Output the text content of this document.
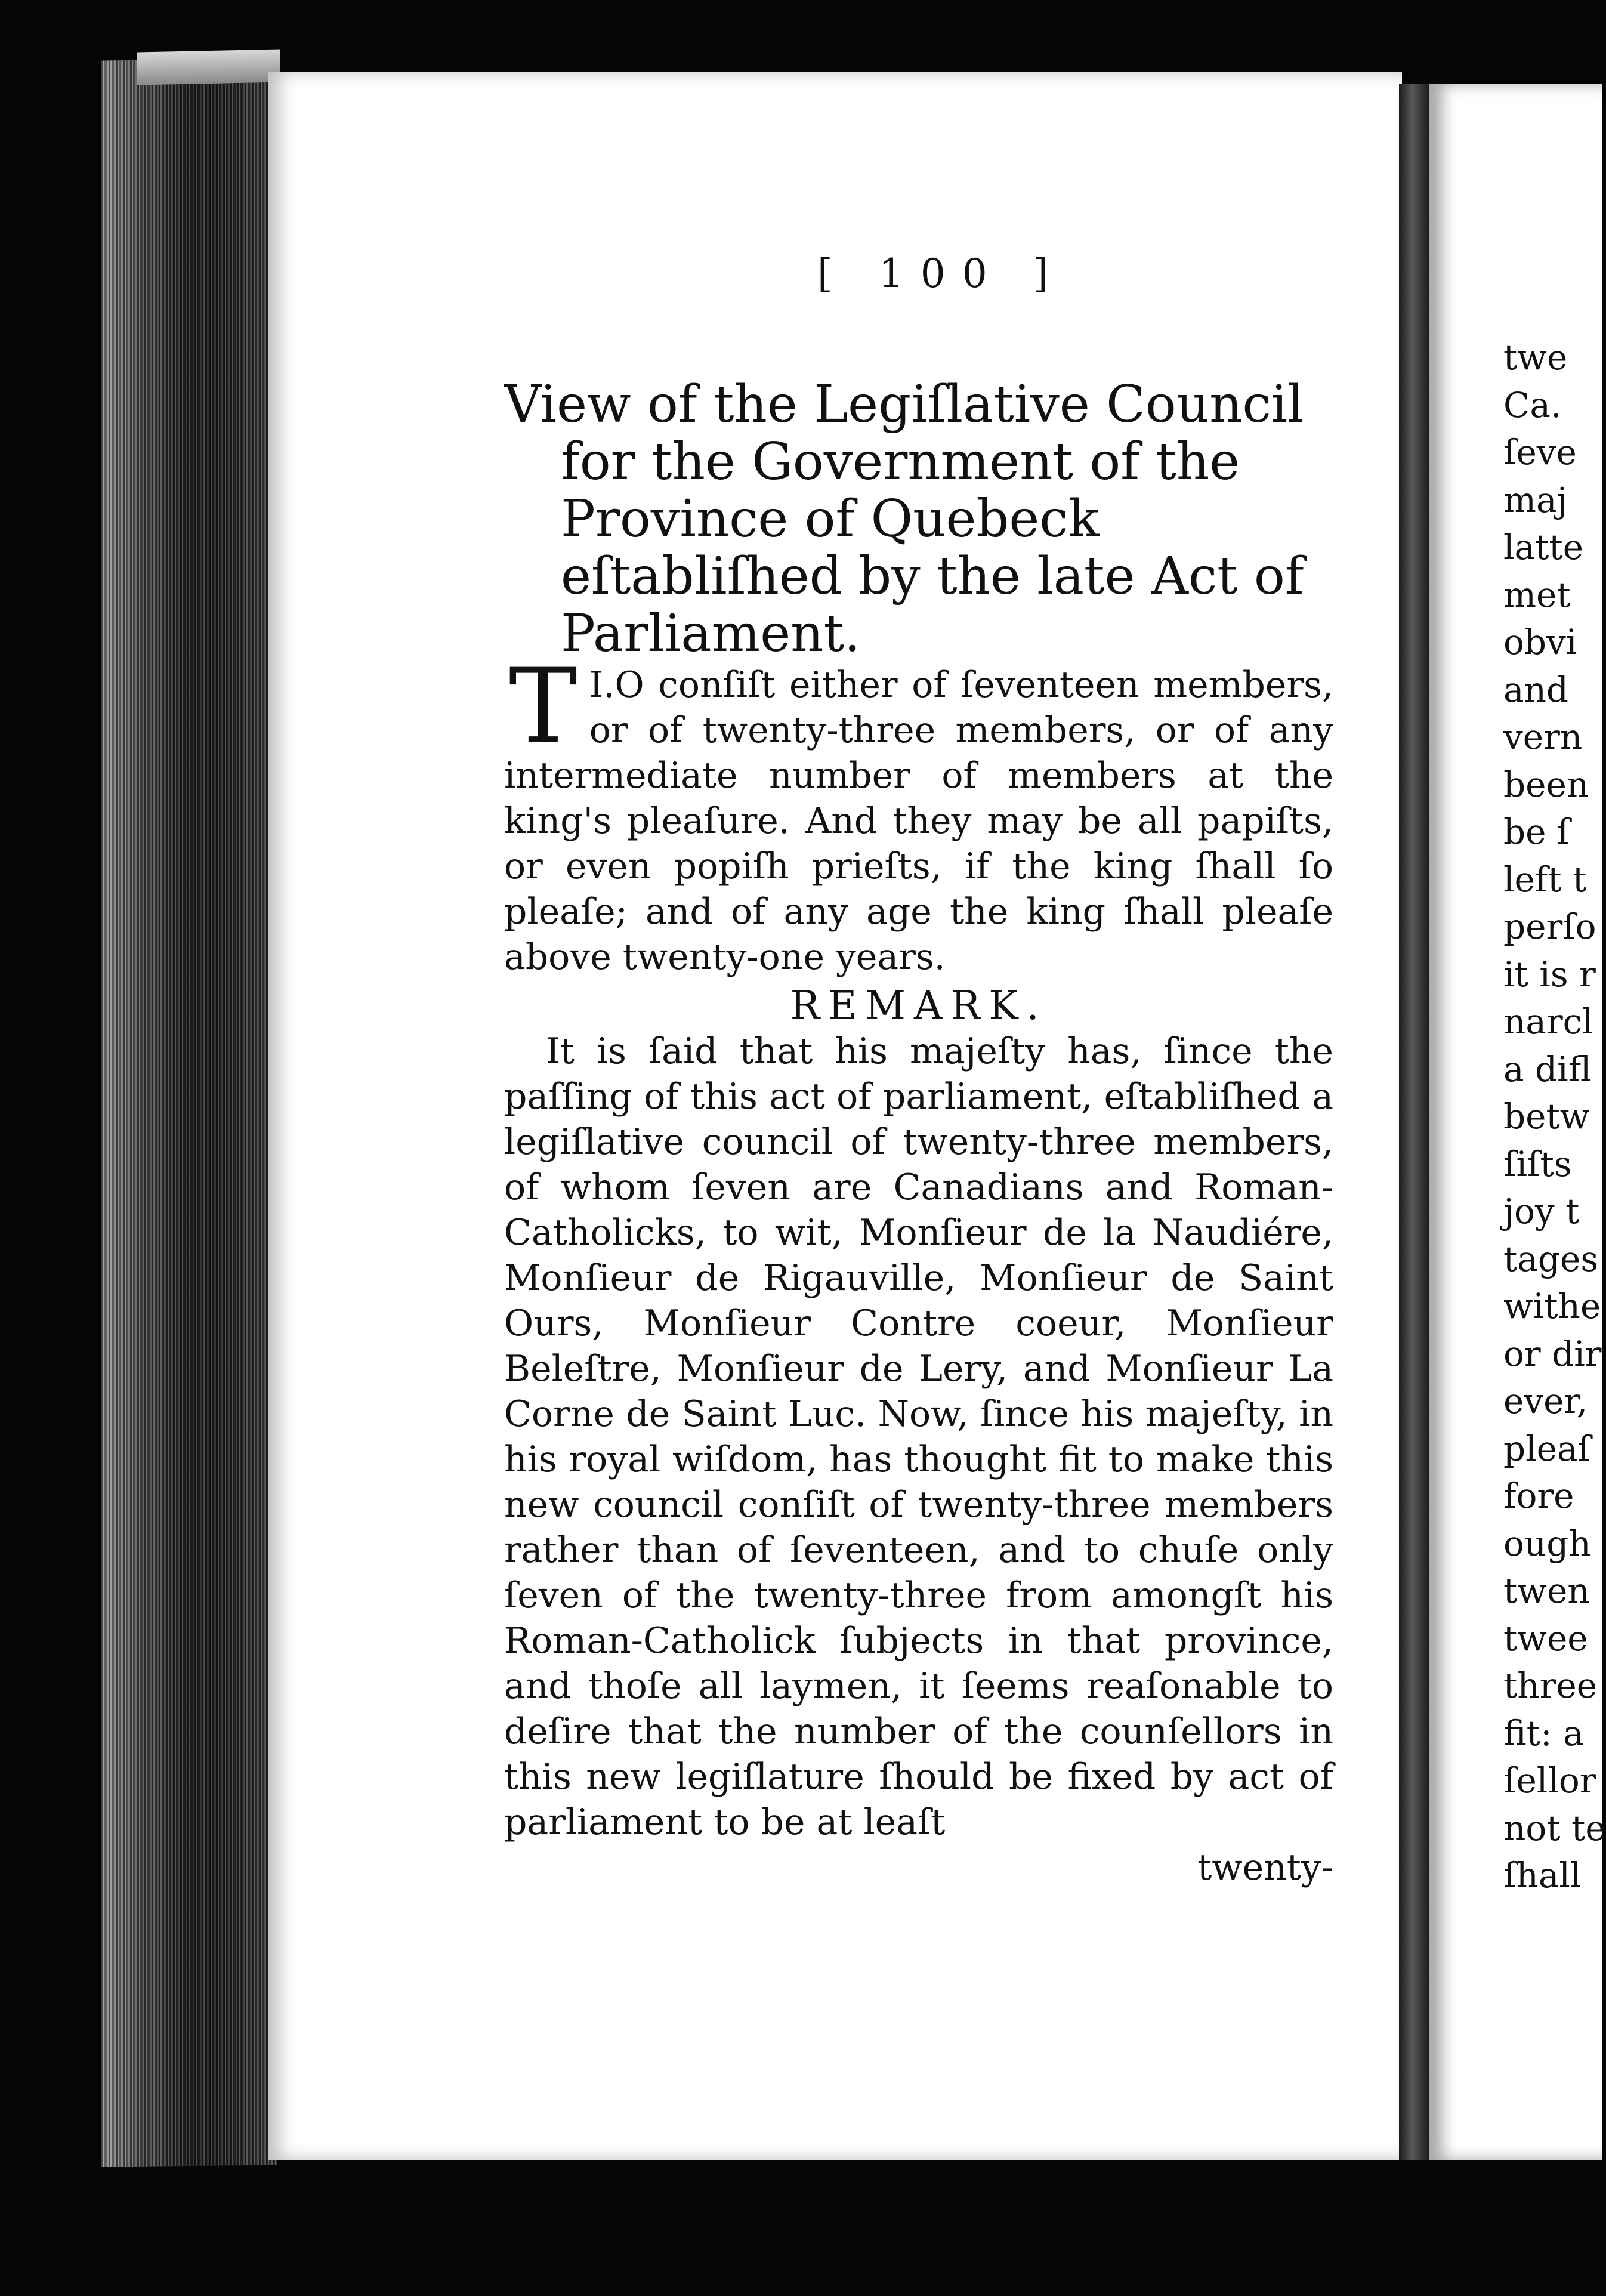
[ 100 ]
View of the Legiſlative Council for the Government of the Province of Quebeck eſtabliſhed by the late Act of Parliament.

I.
T O conſiſt either of ſeventeen members, or of twenty-three members, or of any intermediate number of members at the king's pleaſure. And they may be all papiſts, or even popiſh prieſts, if the king ſhall ſo pleaſe; and of any age the king ſhall pleaſe above twenty-one years.

REMARK.

It is ſaid that his majeſty has, ſince the paſſing of this act of parliament, eſtabliſhed a legiſlative council of twenty-three members, of whom ſeven are Canadians and Roman-Catholicks, to wit, Monſieur de la Naudiére, Monſieur de Rigauville, Monſieur de Saint Ours, Monſieur Contre coeur, Monſieur Beleſtre, Monſieur de Lery, and Monſieur La Corne de Saint Luc. Now, ſince his majeſty, in his royal wiſdom, has thought fit to make this new council conſiſt of twenty-three members rather than of ſeventeen, and to chuſe only ſeven of the twenty-three from amongſt his Roman-Catholick ſubjects in that province, and thoſe all laymen, it ſeems reaſonable to deſire that the number of the counſellors in this new legiſlature ſhould be fixed by act of parliament to be at leaſt

twenty-

twe
Ca.
ſeve
maj
latte
met
obvi
and
vern
been
be ſ
left t
perſo
it is r
narcl
a difl
betw
ſiſts
joy t
tages
withe
or dir
ever,
pleaſ
fore
ough
twen
twee
three
fit: a
ſellor
not te
ſhall
